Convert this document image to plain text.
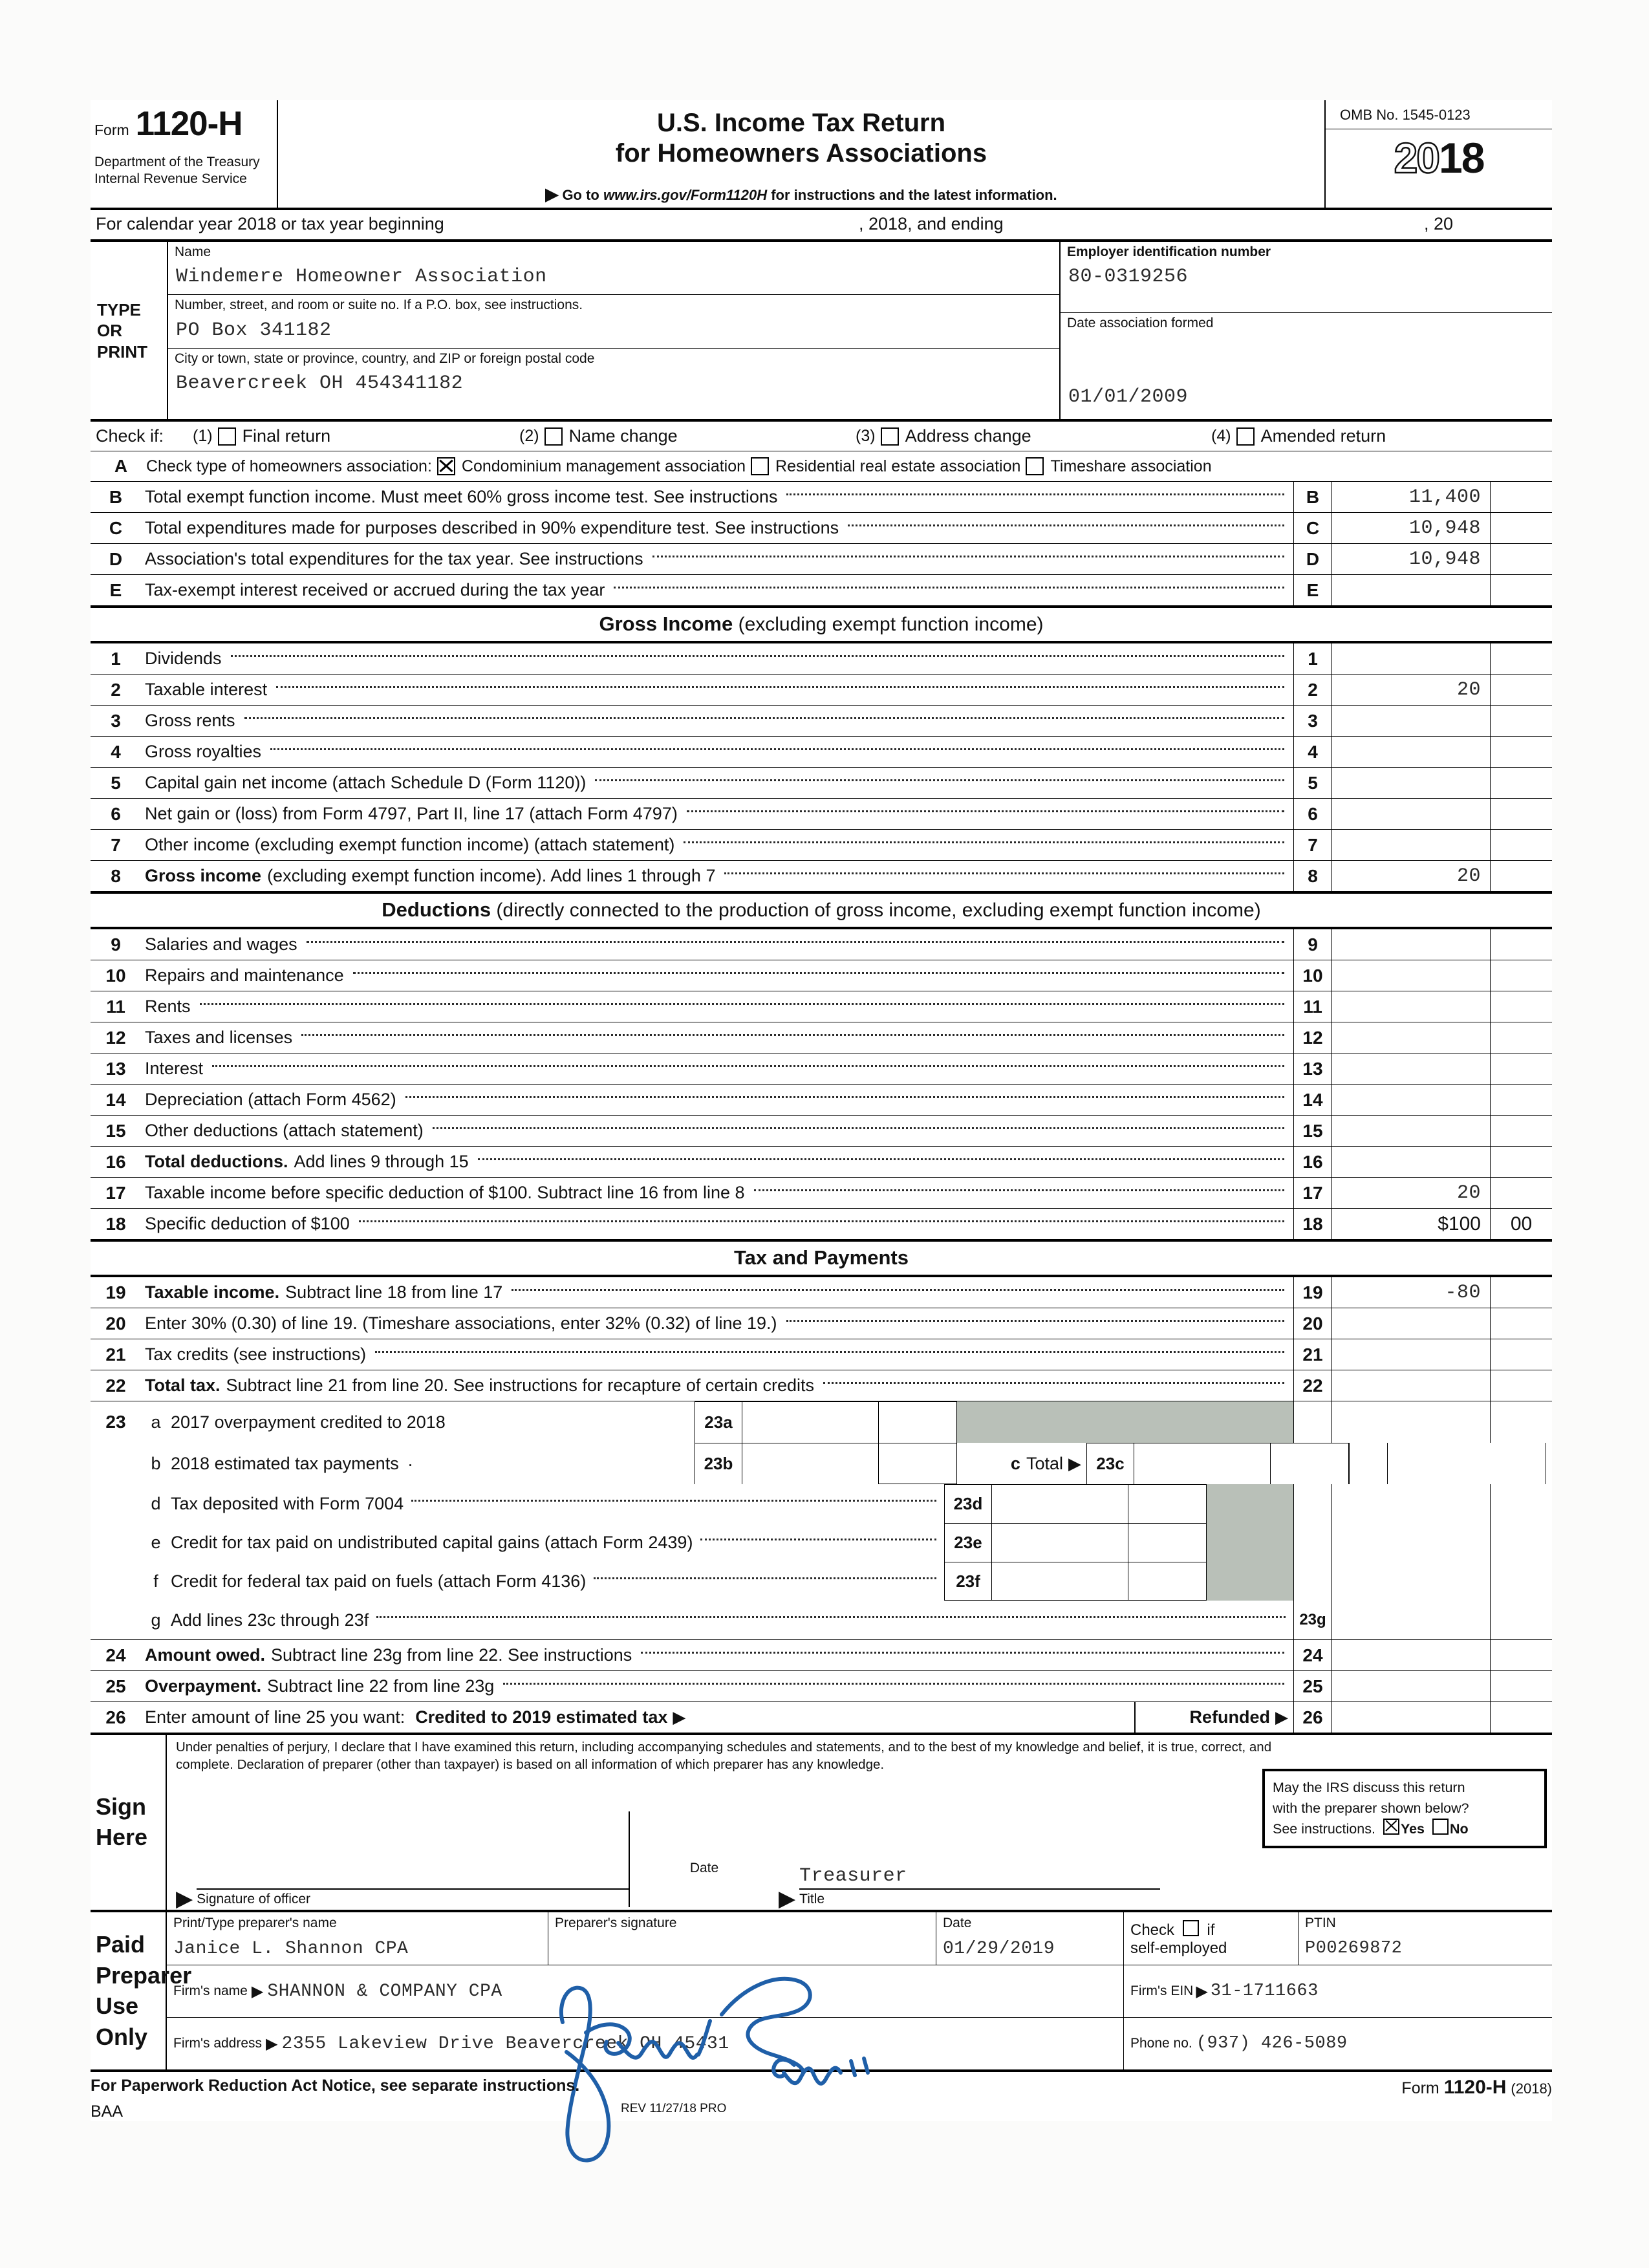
Form 1120-H
Department of the Treasury
Internal Revenue Service
U.S. Income Tax Return
for Homeowners Associations
▶ Go to www.irs.gov/Form1120H for instructions and the latest information.
OMB No. 1545-0123
2018
For calendar year 2018 or tax year beginning	, 2018, and ending	, 20
TYPE
OR
PRINT
Name
Windemere Homeowner Association
Number, street, and room or suite no. If a P.O. box, see instructions.
PO Box 341182
City or town, state or province, country, and ZIP or foreign postal code
Beavercreek OH 454341182
Employer identification number
80-0319256
Date association formed
01/01/2009
Check if:	(1) Final return	(2) Name change	(3) Address change	(4) Amended return
A	Check type of homeowners association: Condominium management association Residential real estate association Timeshare association
B	Total exempt function income. Must meet 60% gross income test. See instructions	B	11,400
C	Total expenditures made for purposes described in 90% expenditure test. See instructions	C	10,948
D	Association's total expenditures for the tax year. See instructions	D	10,948
E	Tax-exempt interest received or accrued during the tax year	E
Gross Income (excluding exempt function income)
1	Dividends	1
2	Taxable interest	2	20
3	Gross rents	3
4	Gross royalties	4
5	Capital gain net income (attach Schedule D (Form 1120))	5
6	Net gain or (loss) from Form 4797, Part II, line 17 (attach Form 4797)	6
7	Other income (excluding exempt function income) (attach statement)	7
8	Gross income (excluding exempt function income). Add lines 1 through 7	8	20
Deductions (directly connected to the production of gross income, excluding exempt function income)
9	Salaries and wages	9
10	Repairs and maintenance	10
11	Rents	11
12	Taxes and licenses	12
13	Interest	13
14	Depreciation (attach Form 4562)	14
15	Other deductions (attach statement)	15
16	Total deductions. Add lines 9 through 15	16
17	Taxable income before specific deduction of $100. Subtract line 16 from line 8	17	20
18	Specific deduction of $100	18	$100	00
Tax and Payments
19	Taxable income. Subtract line 18 from line 17	19	-80
20	Enter 30% (0.30) of line 19. (Timeshare associations, enter 32% (0.32) of line 19.)	20
21	Tax credits (see instructions)	21
22	Total tax. Subtract line 21 from line 20. See instructions for recapture of certain credits	22
23	a 2017 overpayment credited to 2018	23a
b 2018 estimated tax payments .	23b	c Total ▶ 23c
d Tax deposited with Form 7004	23d
e Credit for tax paid on undistributed capital gains (attach Form 2439)	23e
f Credit for federal tax paid on fuels (attach Form 4136)	23f
g Add lines 23c through 23f	23g
24	Amount owed. Subtract line 23g from line 22. See instructions	24
25	Overpayment. Subtract line 22 from line 23g	25
26	Enter amount of line 25 you want: Credited to 2019 estimated tax ▶	Refunded ▶ 26
Sign
Here
Under penalties of perjury, I declare that I have examined this return, including accompanying schedules and statements, and to the best of my knowledge and belief, it is true, correct, and complete. Declaration of preparer (other than taxpayer) is based on all information of which preparer has any knowledge.
▶ Signature of officer
Date
▶
Treasurer
Title
May the IRS discuss this return
with the preparer shown below?
See instructions. Yes No
Paid
Preparer
Use Only
Print/Type preparer's name
Janice L. Shannon CPA
Preparer's signature	Date
01/29/2019
Check if
self-employed
PTIN
P00269872
Firm's name ▶ SHANNON & COMPANY CPA	Firm's EIN ▶ 31-1711663
Firm's address ▶ 2355 Lakeview Drive Beavercreek OH 45431	Phone no. (937) 426-5089
For Paperwork Reduction Act Notice, see separate instructions.	Form 1120-H (2018)
BAA	REV 11/27/18 PRO
